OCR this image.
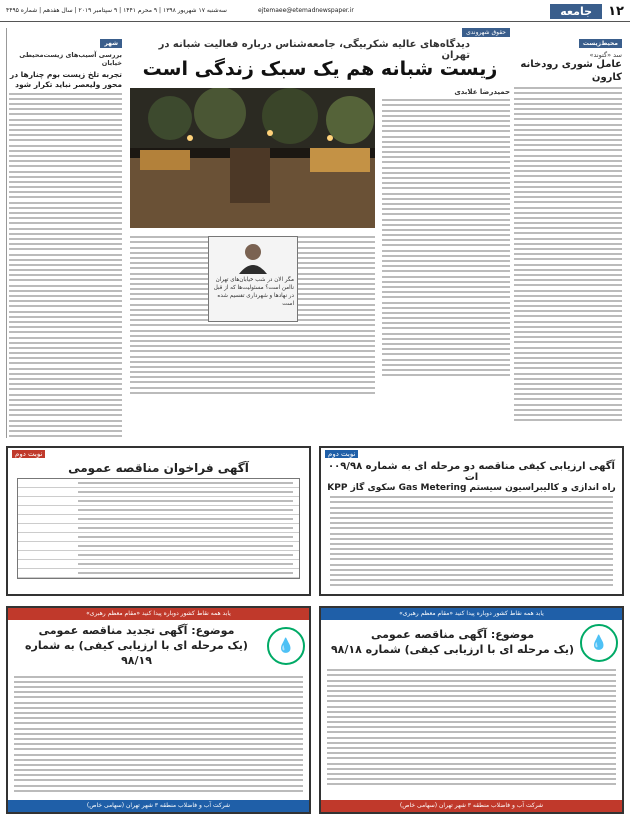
۱۲
جامعه
ejtemaee@etemadnewspaper.ir
سه‌شنبه ۱۷ شهریور ۱۳۹۸ | ۹ محرم ۱۴۴۱ | ۹ سپتامبر ۲۰۱۹ | سال هفدهم | شماره ۴۴۹۵
محیط‌زیست
سد «گتوند»
عامل شوری رودخانه کارون
حقوق شهروندی
دیدگاه‌های عالیه شکربیگی، جامعه‌شناس درباره فعالیت شبانه در تهران
زیست شبانه هم یک سبک زندگی است
حمیدرضا علابدی
مگر الان در شب خیابان‌های تهران ناامن است؟ مسئولیت‌ها که از قبل در نهادها و شهرداری تقسیم شده است
شهر
بررسی آسیب‌های زیست‌محیطی خیابان
تجربه تلخ زیست بوم چنارها در محور ولیعصر نباید تکرار شود
نوبت دوم
آگهی فراخوان مناقصه عمومی
نوبت دوم
آگهی ارزیابی کیفی مناقصه دو مرحله ای به شماره ۰۰۹/۹۸ ات
راه اندازی و کالیبراسیون سیستم Gas Metering سکوی گاز KPP
یابد همه نقاط کشور دوباره پیدا کنید «مقام معظم رهبری»
💧
موضوع: آگهی تجدید مناقصه عمومی
(یک مرحله ای با ارزیابی کیفی) به شماره ۹۸/۱۹
شرکت آب و فاضلاب منطقه ۳ شهر تهران (سهامی خاص)
یابد همه نقاط کشور دوباره پیدا کنید «مقام معظم رهبری»
💧
موضوع: آگهی مناقصه عمومی
(یک مرحله ای با ارزیابی کیفی) شماره ۹۸/۱۸
شرکت آب و فاضلاب منطقه ۳ شهر تهران (سهامی خاص)
